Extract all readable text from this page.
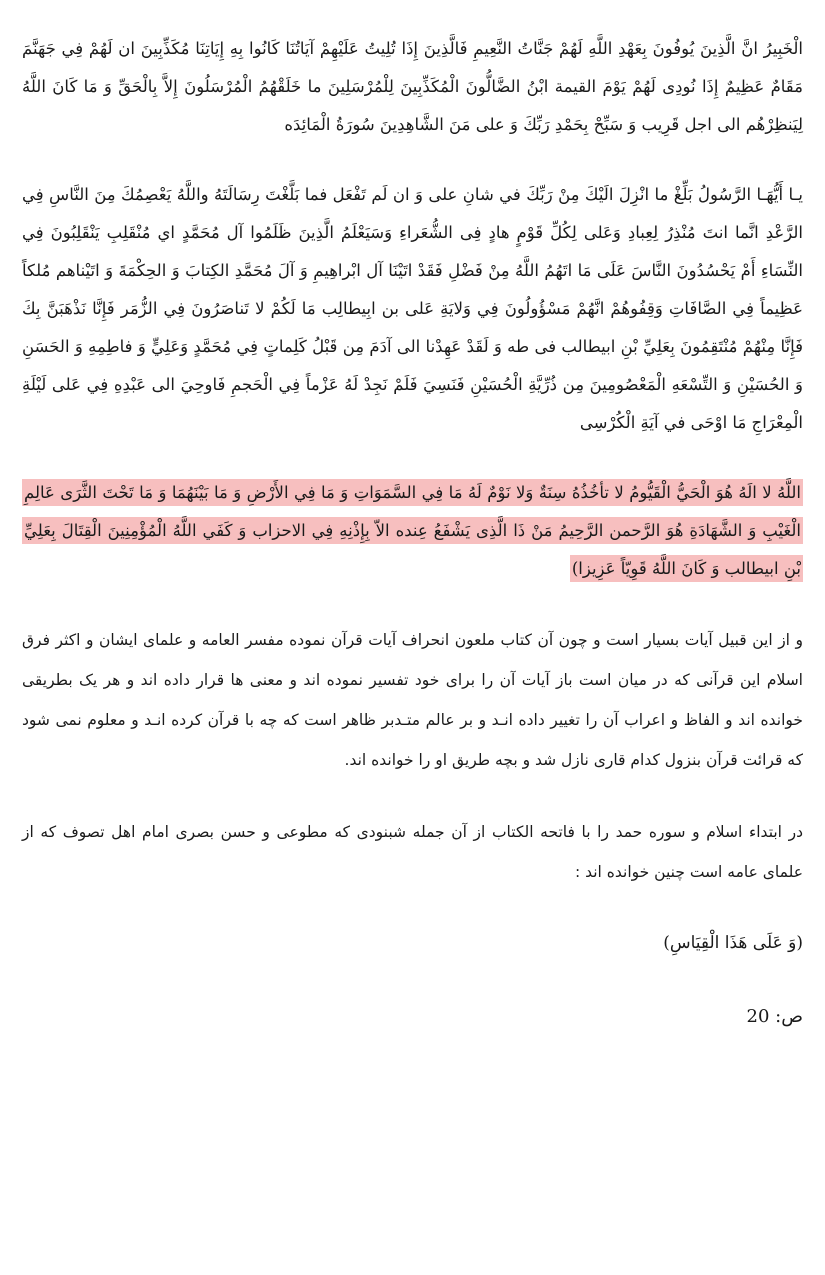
الْخَبِيرُ انَّ الَّذِينَ يُوفُونَ بِعَهْدِ اللَّهِ لَهُمْ جَنَّاتُ النَّعِيمِ فَالَّذِينَ إِذَا تُلِيتُ عَلَيْهِمْ آيَاتُنَا كَانُوا بِهِ إِيَاتِنَا مُكَذِّبِينَ ان لَهُمْ فِي جَهَنَّمَ مَقَامٌ عَظِيمٌ إِذَا نُودِى لَهُمْ يَوْمَ القيمة ابْنُ الضَّالُّونَ الْمُكَذِّبِينَ لِلْمُرْسَلِينَ ما خَلَقْهُمُ الْمُرْسَلُونَ إِلاَّ بِالْحَقِّ وَ مَا كَانَ اللَّهُ لِيَنظِرْهُم الى اجل قَرِيب وَ سَبِّحْ بِحَمْدِ رَبِّكَ وَ على مَنَ الشَّاهِدِينَ سُورَةُ الْمَائِدَه

يـا أَيُّهَـا الرَّسُولُ بَلِّغْ ما انْزِلَ الَيْكَ مِنْ رَبِّكَ في شانِ على وَ ان لَم تَفْعَل فما بَلَّغْتَ رِسَالَتَهُ واللَّهُ يَعْصِمُكَ مِنَ النَّاسِ فِي الرَّعْدِ انَّما انتَ مُنْذِرُ لِعِبادِ وَعَلى لِكُلِّ قَوْمٍ هادٍ فِى الشُّعَراءِ وَسَيَعْلَمُ الَّذِينَ ظَلَمُوا آل مُحَمَّدٍ اي مُنْقَلِبِ يَنْقَلِبُونَ فِي النِّسَاءِ أَمْ يَحْسُدُونَ النَّاسَ عَلَى مَا اتَهُمُ اللَّهُ مِنْ فَضْلِ فَقَدْ اتَيْنَا آل ابْراهِيمِ وَ آلَ مُحَمَّدِ الكِتابَ وَ الحِكْمَةَ وَ اتَيْناهم مُلكاً عَظِيماً فِي الصَّافَاتِ وَقِفُوهُمْ انَّهُمْ مَسْؤُولُونَ فِي وَلايَةِ عَلى بن ابِيطالِب مَا لَكُمْ لا تَناصَرُونَ فِي الزُّمَر فَإِنَّا نَذْهَبَنَّ بِكَ فَإِنَّا مِنْهُمْ مُنْتَقِمُونَ بِعَلِيِّ بْنِ ابيطالب فى طه وَ لَقَدْ عَهِدْنا الى آدَمَ مِن قَبْلُ كَلِماتٍ فِي مُحَمَّدٍ وَعَلِيٍّ وَ فاطِمِهِ وَ الحَسَنِ وَ الحُسَيْنِ وَ التِّسْعَهِ الْمَعْصُومِينَ مِن ذُرِّيَّةِ الْحُسَيْنِ فَنَسِيَ فَلَمْ نَجِدْ لَهُ عَزْماً فِي الْحَجمِ فَاوحِيَ الى عَبْدِهِ فِي عَلى لَيْلَةِ الْمِعْرَاجِ مَا اوْحَى في آيَةِ الْكُرْسِى

اللَّهُ لا الَهُ هُوَ الْحَيُّ الْقَيُّومُ لا تأخُذُهُ سِنَةٌ وَلا نَوْمٌ لَهُ مَا فِي السَّمَوَاتِ وَ مَا فِي الأَرْضِ وَ مَا بَيْنَهُمَا وَ مَا تَحْتَ الثَّرَى عَالِمِ الْغَيْبِ وَ الشَّهَادَةِ هُوَ الرَّحمن الرَّحِيمُ مَنْ ذَا الَّذِى يَشْفَعُ عِنده الاّ بِإِذْنِهِ فِي الاحزاب وَ كَفَي اللَّهُ الْمُؤْمِنِينَ الْقِتَالَ بِعَلِيِّ بْنِ ابيطالب وَ كَانَ اللَّهُ قَوِيّاً عَزِيزا)

و از اين قبيل آيات بسيار است و چون آن كتاب ملعون انحراف آيات قرآن نموده مفسر العامه و علماى ايشان و اكثر فرق اسلام اين قرآنى كه در ميان است باز آيات آن را براى خود تفسير نموده اند و معنى ها قرار داده اند و هر يک بطريقى خوانده اند و الفاظ و اعراب آن را تغيير داده انـد و بر عالم متـدبر ظاهر است كه چه با قرآن كرده انـد و معلوم نمى شود كه قرائت قرآن بنزول كدام قارى نازل شد و بچه طريق او را خوانده اند.

در ابتداء اسلام و سوره حمد را با فاتحه الكتاب از آن جمله شبنودى كه مطوعى و حسن بصرى امام اهل تصوف كه از علماى عامه است چنين خوانده اند :

(وَ عَلَى هَذَا الْقِيَاسِ)

ص: 20
